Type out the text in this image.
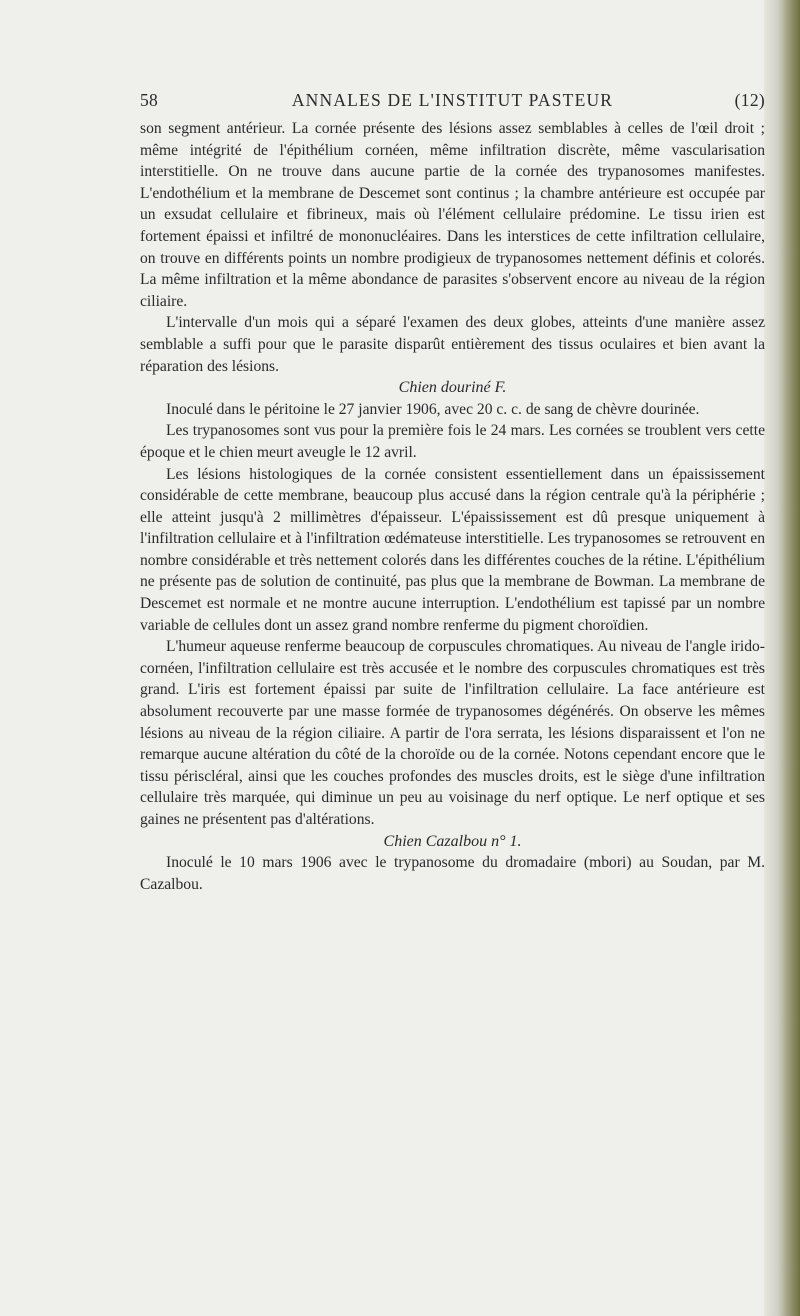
ANNALES DE L'INSTITUT PASTEUR
58	(12)

son segment antérieur. La cornée présente des lésions assez semblables à celles de l'œil droit ; même intégrité de l'épithélium cornéen, même infiltration discrète, même vascularisation interstitielle. On ne trouve dans aucune partie de la cornée des trypanosomes manifestes. L'endothélium et la membrane de Descemet sont continus ; la chambre antérieure est occupée par un exsudat cellulaire et fibrineux, mais où l'élément cellulaire prédomine. Le tissu irien est fortement épaissi et infiltré de mononucléaires. Dans les interstices de cette infiltration cellulaire, on trouve en différents points un nombre prodigieux de trypanosomes nettement définis et colorés. La même infiltration et la même abondance de parasites s'observent encore au niveau de la région ciliaire.

L'intervalle d'un mois qui a séparé l'examen des deux globes, atteints d'une manière assez semblable a suffi pour que le parasite disparût entièrement des tissus oculaires et bien avant la réparation des lésions.

Chien douriné F.

Inoculé dans le péritoine le 27 janvier 1906, avec 20 c. c. de sang de chèvre dourinée.

Les trypanosomes sont vus pour la première fois le 24 mars. Les cornées se troublent vers cette époque et le chien meurt aveugle le 12 avril.

Les lésions histologiques de la cornée consistent essentiellement dans un épaississement considérable de cette membrane, beaucoup plus accusé dans la région centrale qu'à la périphérie ; elle atteint jusqu'à 2 millimètres d'épaisseur. L'épaississement est dû presque uniquement à l'infiltration cellulaire et à l'infiltration œdémateuse interstitielle. Les trypanosomes se retrouvent en nombre considérable et très nettement colorés dans les différentes couches de la rétine. L'épithélium ne présente pas de solution de continuité, pas plus que la membrane de Bowman. La membrane de Descemet est normale et ne montre aucune interruption. L'endothélium est tapissé par un nombre variable de cellules dont un assez grand nombre renferme du pigment choroïdien.

L'humeur aqueuse renferme beaucoup de corpuscules chromatiques. Au niveau de l'angle irido-cornéen, l'infiltration cellulaire est très accusée et le nombre des corpuscules chromatiques est très grand. L'iris est fortement épaissi par suite de l'infiltration cellulaire. La face antérieure est absolument recouverte par une masse formée de trypanosomes dégénérés. On observe les mêmes lésions au niveau de la région ciliaire. A partir de l'ora serrata, les lésions disparaissent et l'on ne remarque aucune altération du côté de la choroïde ou de la cornée. Notons cependant encore que le tissu périscléral, ainsi que les couches profondes des muscles droits, est le siège d'une infiltration cellulaire très marquée, qui diminue un peu au voisinage du nerf optique. Le nerf optique et ses gaines ne présentent pas d'altérations.

Chien Cazalbou n° 1.

Inoculé le 10 mars 1906 avec le trypanosome du dromadaire (mbori) au Soudan, par M. Cazalbou.
